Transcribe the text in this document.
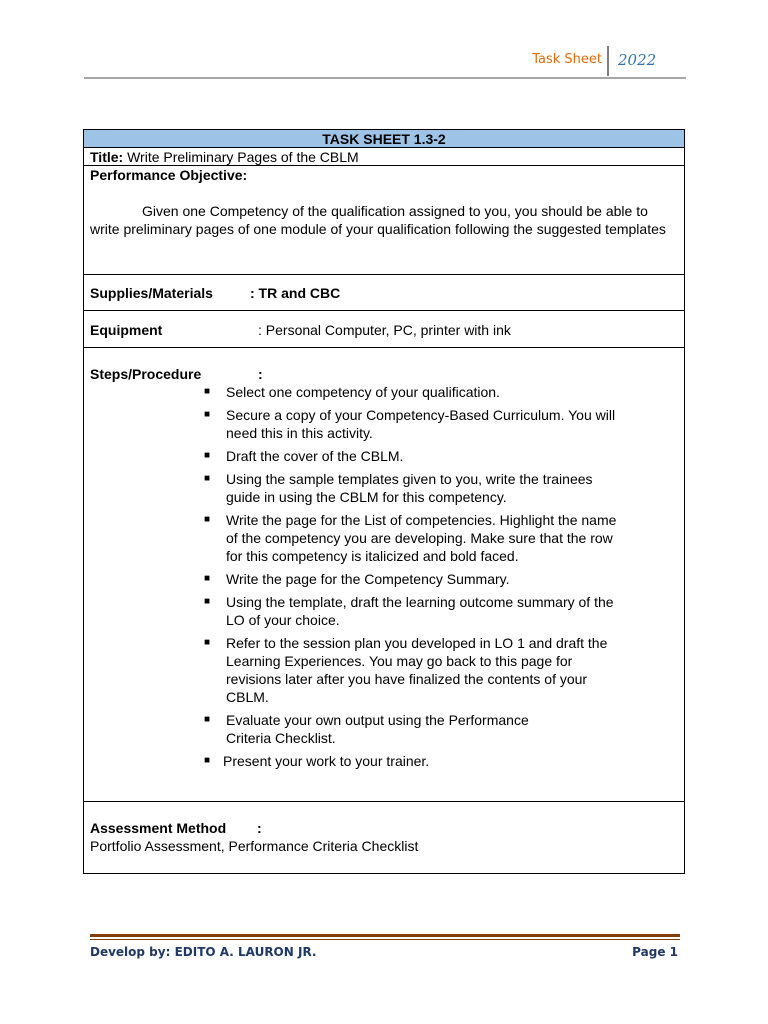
Task Sheet 2022
TASK SHEET 1.3-2
Title: Write Preliminary Pages of the CBLM
Performance Objective:

Given one Competency of the qualification assigned to you, you should be able to write preliminary pages of one module of your qualification following the suggested templates

Supplies/Materials	: TR and CBC
Equipment	: Personal Computer, PC, printer with ink
Steps/Procedure	:
■ Select one competency of your qualification.
■ Secure a copy of your Competency-Based Curriculum. You will need this in this activity.
■ Draft the cover of the CBLM.
■ Using the sample templates given to you, write the trainees guide in using the CBLM for this competency.
■ Write the page for the List of competencies. Highlight the name of the competency you are developing. Make sure that the row for this competency is italicized and bold faced.
■ Write the page for the Competency Summary.
■ Using the template, draft the learning outcome summary of the LO of your choice.
■ Refer to the session plan you developed in LO 1 and draft the Learning Experiences. You may go back to this page for revisions later after you have finalized the contents of your CBLM.
■ Evaluate your own output using the Performance Criteria Checklist.
■ Present your work to your trainer.
Assessment Method :
Portfolio Assessment, Performance Criteria Checklist
Develop by: EDITO A. LAURON JR.	Page 1
